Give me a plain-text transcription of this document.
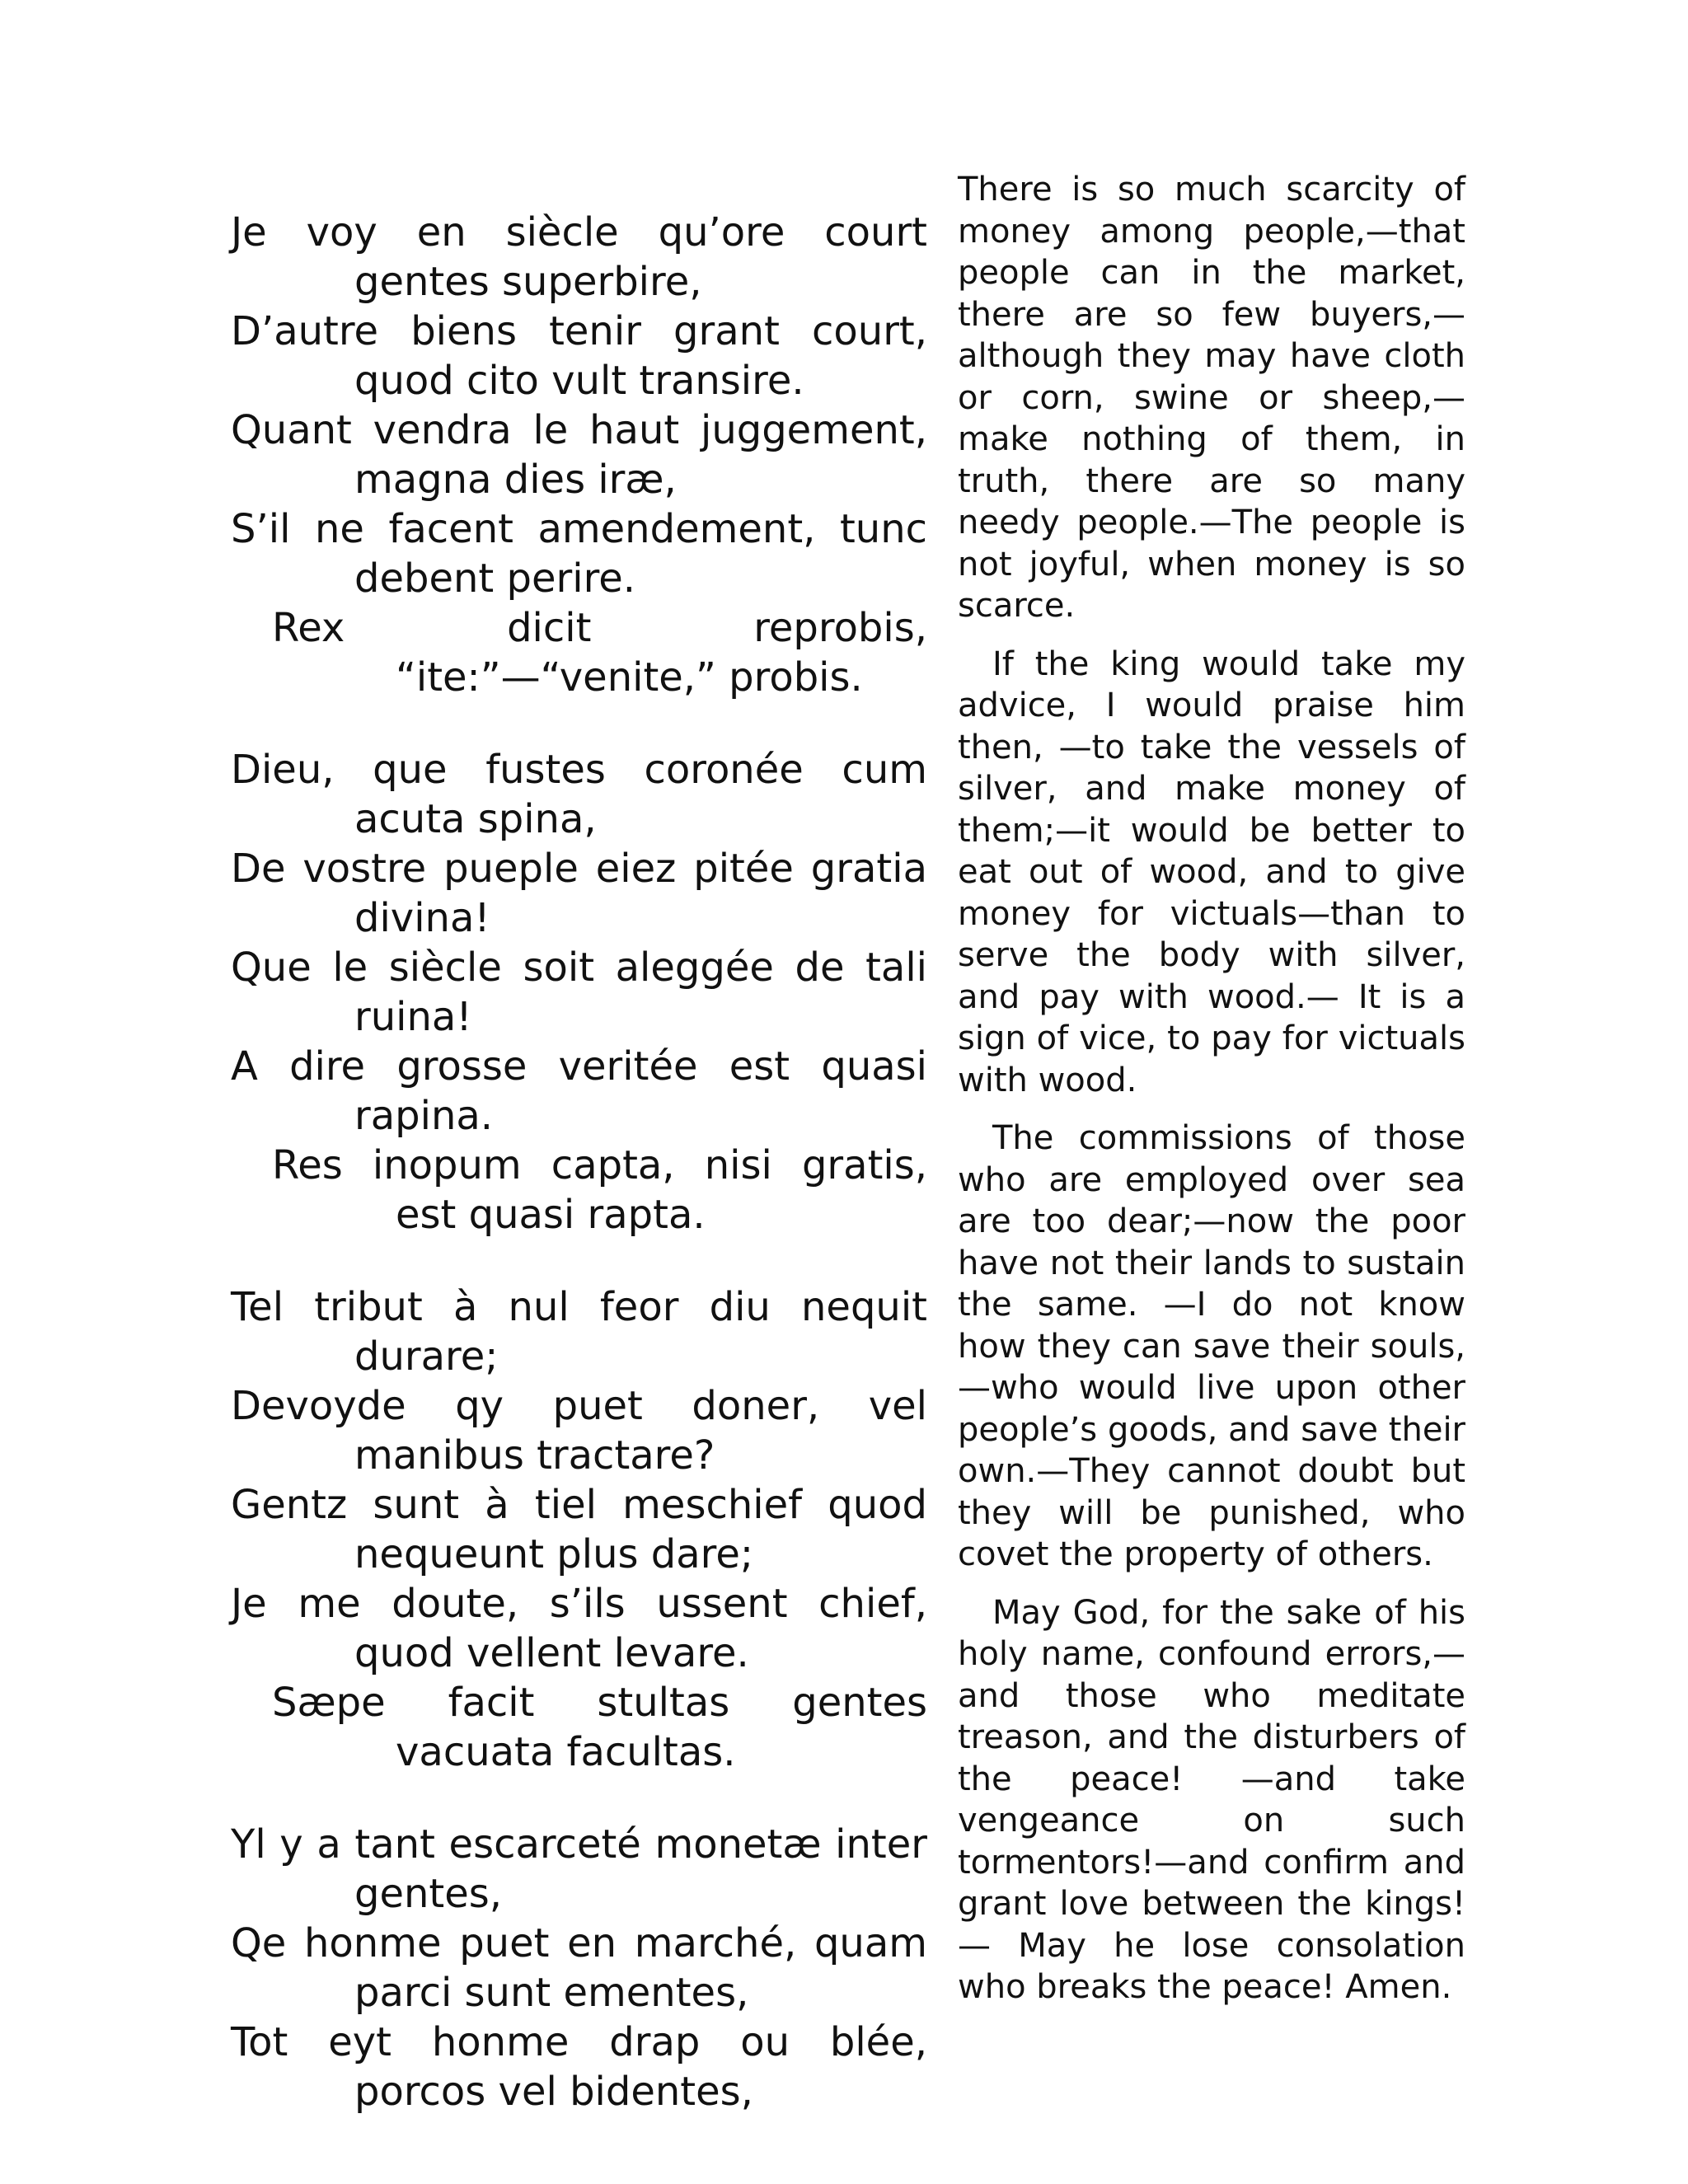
Je voy en siècle qu’ore court gentes superbire,

D’autre biens tenir grant court, quod cito vult transire.

Quant vendra le haut juggement, magna dies iræ,

S’il ne facent amendement, tunc debent perire.

Rex dicit reprobis, “ite:”—“venite,” probis.

Dieu, que fustes coronée cum acuta spina,

De vostre pueple eiez pitée gratia divina!

Que le siècle soit aleggée de tali ruina!

A dire grosse veritée est quasi rapina.

Res inopum capta, nisi gratis, est quasi rapta.

Tel tribut à nul feor diu nequit durare;

Devoyde qy puet doner, vel manibus tractare?

Gentz sunt à tiel meschief quod nequeunt plus dare;

Je me doute, s’ils ussent chief, quod vellent levare.

Sæpe facit stultas gentes vacuata facultas.

Yl y a tant escarceté monetæ inter gentes,

Qe honme puet en marché, quam parci sunt ementes,

Tot eyt honme drap ou blée, porcos vel bidentes,

There is so much scarcity of money among people,—that people can in the market, there are so few buyers,—although they may have cloth or corn, swine or sheep,—make nothing of them, in truth, there are so many needy people.—The people is not joyful, when money is so scarce.

If the king would take my advice, I would praise him then, —to take the vessels of silver, and make money of them;—it would be better to eat out of wood, and to give money for victuals—than to serve the body with silver, and pay with wood.— It is a sign of vice, to pay for victuals with wood.

The commissions of those who are employed over sea are too dear;—now the poor have not their lands to sustain the same. —I do not know how they can save their souls,—who would live upon other people’s goods, and save their own.—They cannot doubt but they will be punished, who covet the property of others.

May God, for the sake of his holy name, confound errors,— and those who meditate treason, and the disturbers of the peace! —and take vengeance on such tormentors!—and confirm and grant love between the kings!— May he lose consolation who breaks the peace! Amen.
